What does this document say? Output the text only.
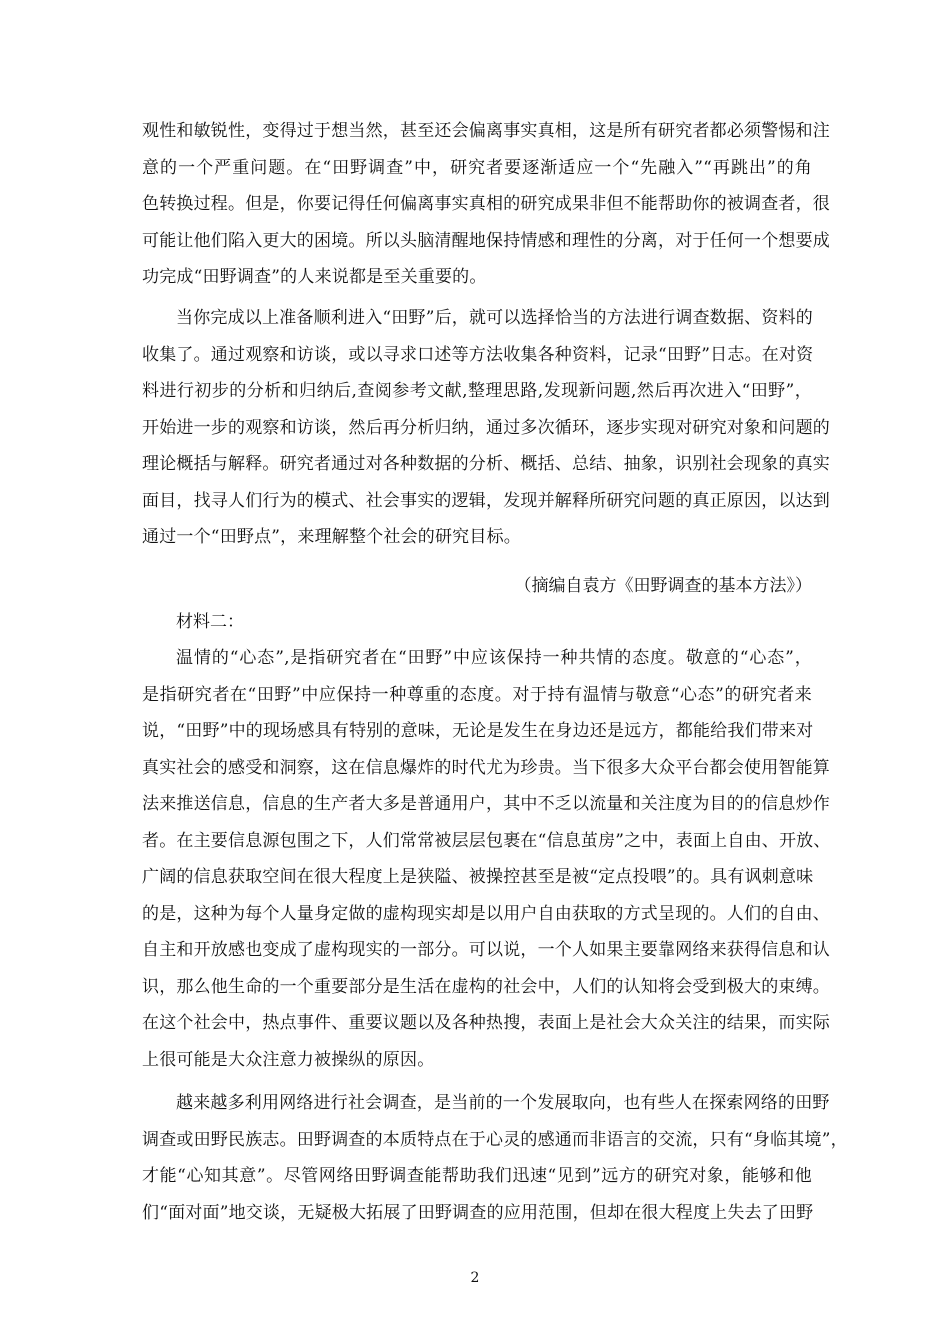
观性和敏锐性，变得过于想当然，甚至还会偏离事实真相，这是所有研究者都必须警惕和注
意的一个严重问题。在“田野调查”中，研究者要逐渐适应一个“先融入”“再跳出”的角
色转换过程。但是，你要记得任何偏离事实真相的研究成果非但不能帮助你的被调查者，很
可能让他们陷入更大的困境。所以头脑清醒地保持情感和理性的分离，对于任何一个想要成
功完成“田野调查”的人来说都是至关重要的。
当你完成以上准备顺利进入“田野”后，就可以选择恰当的方法进行调查数据、资料的
收集了。通过观察和访谈，或以寻求口述等方法收集各种资料，记录“田野”日志。在对资
料进行初步的分析和归纳后,查阅参考文献,整理思路,发现新问题,然后再次进入“田野”，
开始进一步的观察和访谈，然后再分析归纳，通过多次循环，逐步实现对研究对象和问题的
理论概括与解释。研究者通过对各种数据的分析、概括、总结、抽象，识别社会现象的真实
面目，找寻人们行为的模式、社会事实的逻辑，发现并解释所研究问题的真正原因，以达到
通过一个“田野点”，来理解整个社会的研究目标。
（摘编自袁方《田野调查的基本方法》）
材料二：
温情的“心态”,是指研究者在“田野”中应该保持一种共情的态度。敬意的“心态”，
是指研究者在“田野”中应保持一种尊重的态度。对于持有温情与敬意“心态”的研究者来
说，“田野”中的现场感具有特别的意味，无论是发生在身边还是远方，都能给我们带来对
真实社会的感受和洞察，这在信息爆炸的时代尤为珍贵。当下很多大众平台都会使用智能算
法来推送信息，信息的生产者大多是普通用户，其中不乏以流量和关注度为目的的信息炒作
者。在主要信息源包围之下，人们常常被层层包裹在“信息茧房”之中，表面上自由、开放、
广阔的信息获取空间在很大程度上是狭隘、被操控甚至是被“定点投喂”的。具有讽刺意味
的是，这种为每个人量身定做的虚构现实却是以用户自由获取的方式呈现的。人们的自由、
自主和开放感也变成了虚构现实的一部分。可以说，一个人如果主要靠网络来获得信息和认
识，那么他生命的一个重要部分是生活在虚构的社会中，人们的认知将会受到极大的束缚。
在这个社会中，热点事件、重要议题以及各种热搜，表面上是社会大众关注的结果，而实际
上很可能是大众注意力被操纵的原因。
越来越多利用网络进行社会调查，是当前的一个发展取向，也有些人在探索网络的田野
调查或田野民族志。田野调查的本质特点在于心灵的感通而非语言的交流，只有“身临其境”，
才能“心知其意”。尽管网络田野调查能帮助我们迅速“见到”远方的研究对象，能够和他
们“面对面”地交谈，无疑极大拓展了田野调查的应用范围，但却在很大程度上失去了田野
2
